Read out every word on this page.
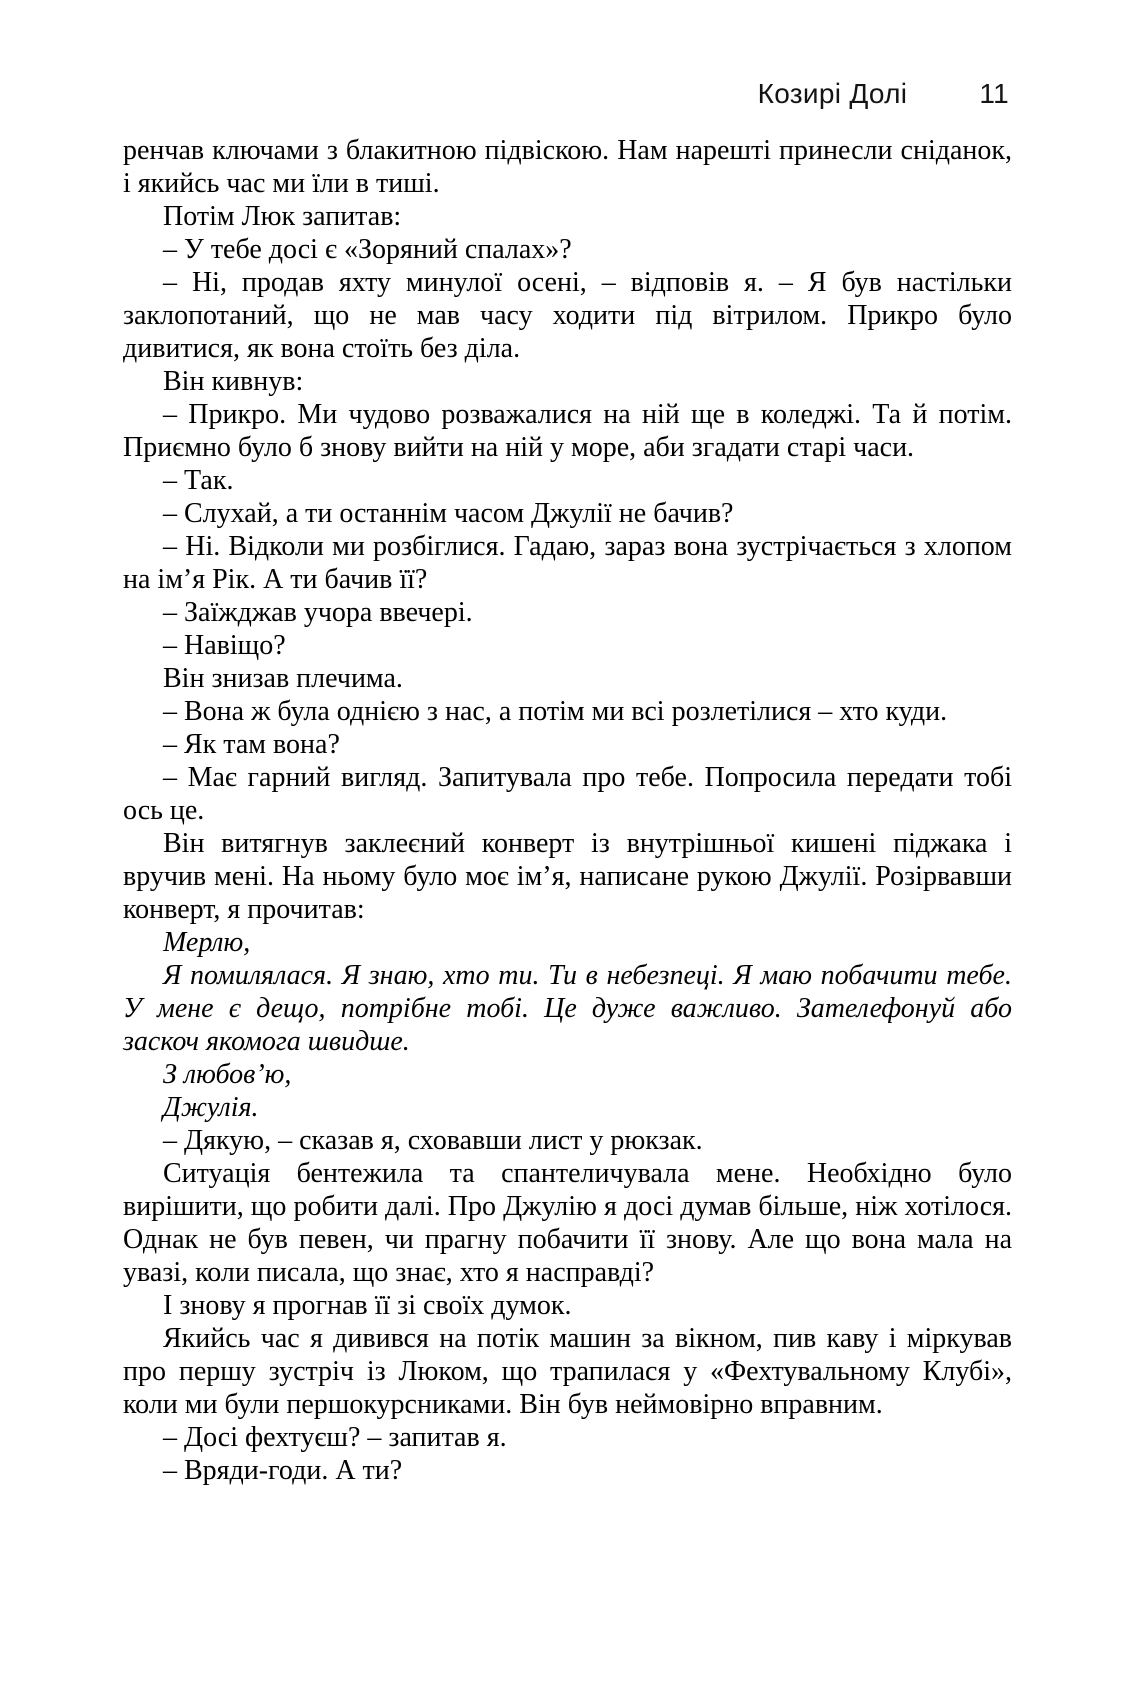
Козирі Долі	11

ренчав ключами з блакитною підвіскою. Нам нарешті принесли сніданок, і якийсь час ми їли в тиші.

Потім Люк запитав:

– У тебе досі є «Зоряний спалах»?

– Ні, продав яхту минулої осені, – відповів я. – Я був настільки заклопотаний, що не мав часу ходити під вітрилом. Прикро було дивитися, як вона стоїть без діла.

Він кивнув:

– Прикро. Ми чудово розважалися на ній ще в коледжі. Та й потім. Приємно було б знову вийти на ній у море, аби згадати старі часи.

– Так.

– Слухай, а ти останнім часом Джулії не бачив?

– Ні. Відколи ми розбіглися. Гадаю, зараз вона зустрічається з хлопом на ім’я Рік. А ти бачив її?

– Заїжджав учора ввечері.

– Навіщо?

Він знизав плечима.

– Вона ж була однією з нас, а потім ми всі розлетілися – хто куди.

– Як там вона?

– Має гарний вигляд. Запитувала про тебе. Попросила передати тобі ось це.

Він витягнув заклеєний конверт із внутрішньої кишені піджака і вручив мені. На ньому було моє ім’я, написане рукою Джулії. Розірвавши конверт, я прочитав:

Мерлю,

Я помилялася. Я знаю, хто ти. Ти в небезпеці. Я маю побачити тебе. У мене є дещо, потрібне тобі. Це дуже важливо. Зателефонуй або заскоч якомога швидше.

З любов’ю,

Джулія.

– Дякую, – сказав я, сховавши лист у рюкзак.

Ситуація бентежила та спантеличувала мене. Необхідно було вирішити, що робити далі. Про Джулію я досі думав більше, ніж хотілося. Однак не був певен, чи прагну побачити її знову. Але що вона мала на увазі, коли писала, що знає, хто я насправді?

І знову я прогнав її зі своїх думок.

Якийсь час я дивився на потік машин за вікном, пив каву і міркував про першу зустріч із Люком, що трапилася у «Фехтувальному Клубі», коли ми були першокурсниками. Він був неймовірно вправним.

– Досі фехтуєш? – запитав я.

– Вряди-годи. А ти?
